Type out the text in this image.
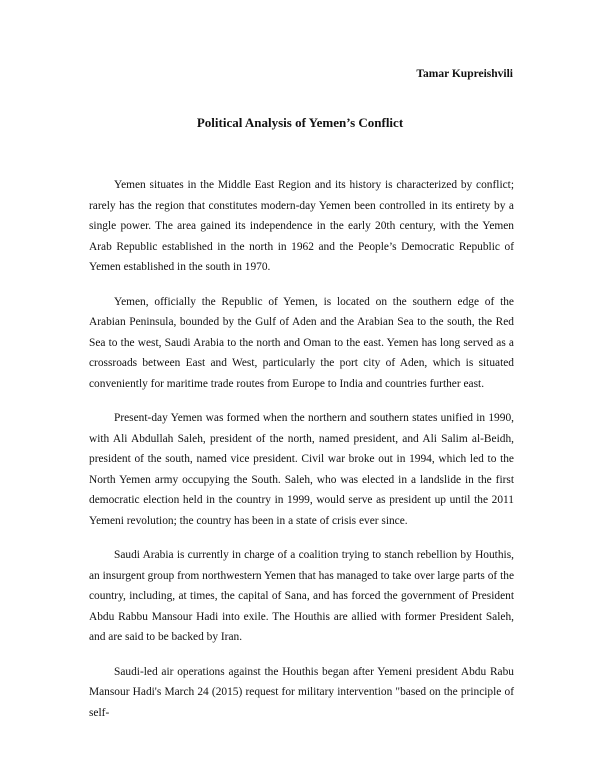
Tamar Kupreishvili

Political Analysis of Yemen’s Conflict

Yemen situates in the Middle East Region and its history is characterized by conflict; rarely has the region that constitutes modern-day Yemen been controlled in its entirety by a single power. The area gained its independence in the early 20th century, with the Yemen Arab Republic established in the north in 1962 and the People’s Democratic Republic of Yemen established in the south in 1970.

Yemen, officially the Republic of Yemen, is located on the southern edge of the Arabian Peninsula, bounded by the Gulf of Aden and the Arabian Sea to the south, the Red Sea to the west, Saudi Arabia to the north and Oman to the east. Yemen has long served as a crossroads between East and West, particularly the port city of Aden, which is situated conveniently for maritime trade routes from Europe to India and countries further east.

Present-day Yemen was formed when the northern and southern states unified in 1990, with Ali Abdullah Saleh, president of the north, named president, and Ali Salim al-Beidh, president of the south, named vice president. Civil war broke out in 1994, which led to the North Yemen army occupying the South. Saleh, who was elected in a landslide in the first democratic election held in the country in 1999, would serve as president up until the 2011 Yemeni revolution; the country has been in a state of crisis ever since.

Saudi Arabia is currently in charge of a coalition trying to stanch rebellion by Houthis, an insurgent group from northwestern Yemen that has managed to take over large parts of the country, including, at times, the capital of Sana, and has forced the government of President Abdu Rabbu Mansour Hadi into exile. The Houthis are allied with former President Saleh, and are said to be backed by Iran.

Saudi-led air operations against the Houthis began after Yemeni president Abdu Rabu Mansour Hadi's March 24 (2015) request for military intervention "based on the principle of self-
